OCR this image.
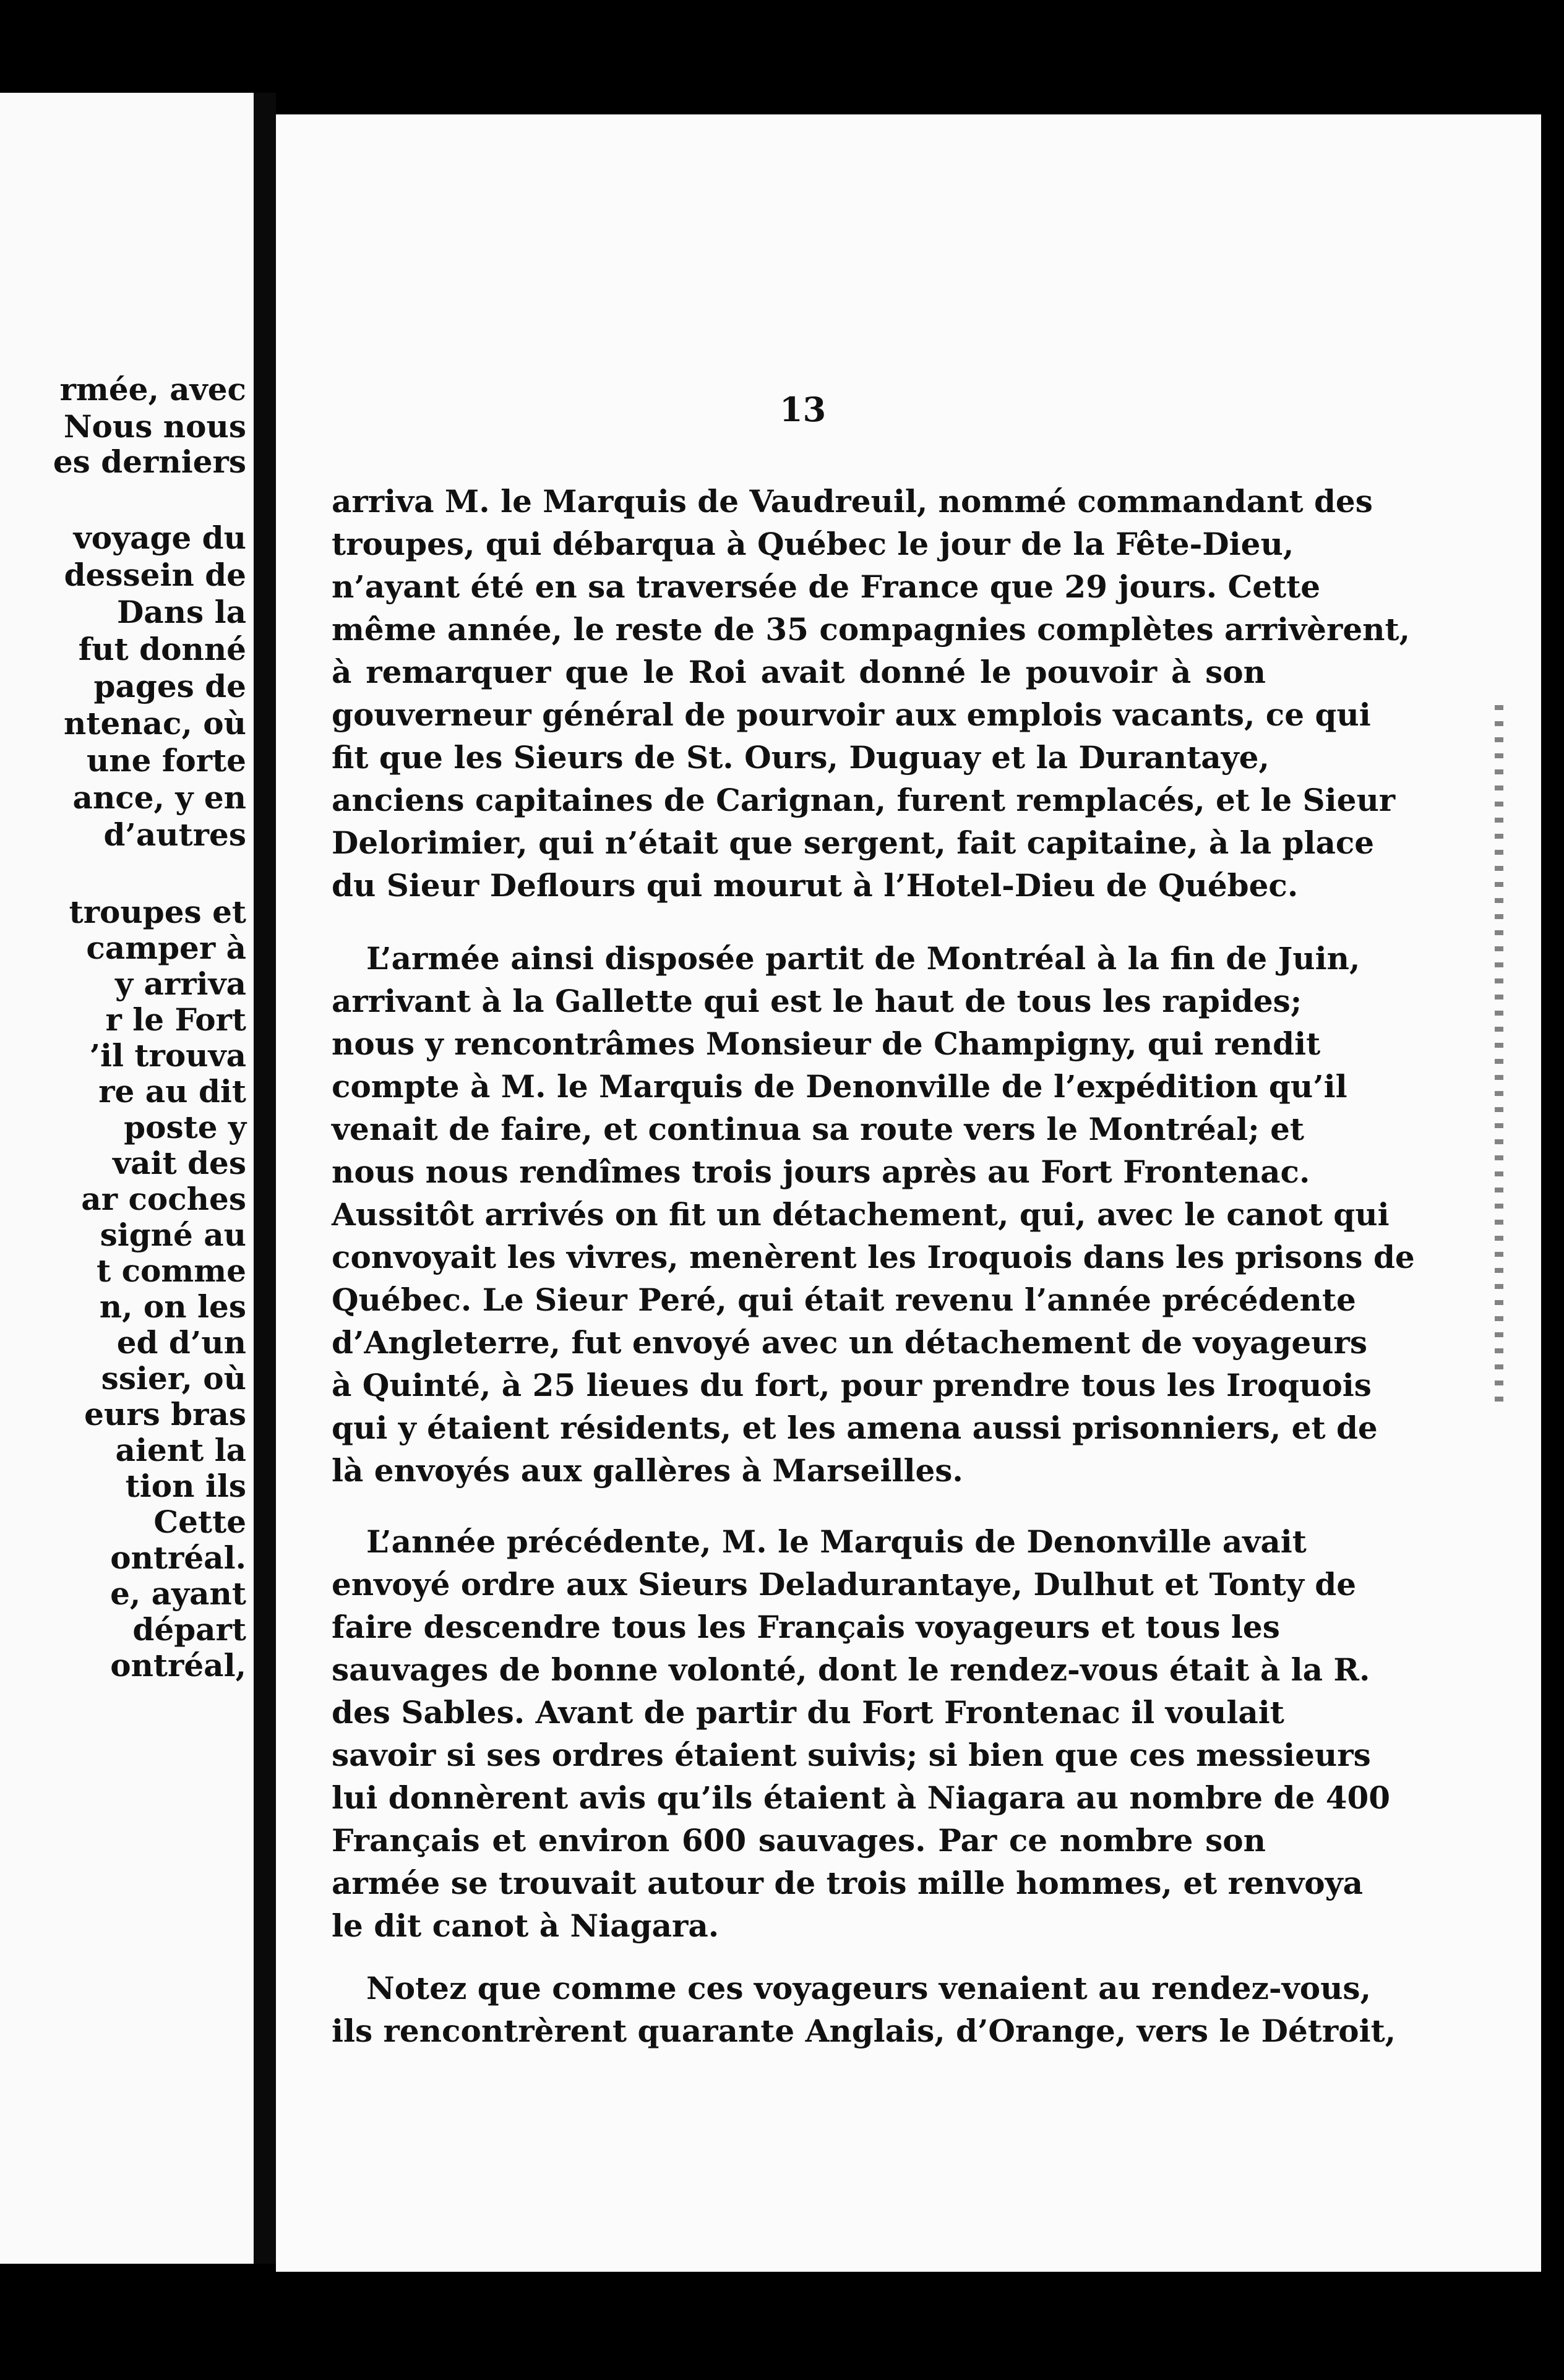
rmée, avec
Nous nous
es derniers
voyage du
dessein de
Dans la
fut donné
pages de
ntenac, où
une forte
ance, y en
d’autres
troupes et
camper à
y arriva
r le Fort
’il trouva
re au dit
poste y
vait des
ar coches
signé au
t comme
n, on les
ed d’un
ssier, où
eurs bras
aient la
tion ils
Cette
ontréal.
e, ayant
départ
ontréal,
13
arriva M. le Marquis de Vaudreuil, nommé commandant des
troupes, qui débarqua à Québec le jour de la Fête-Dieu,
n’ayant été en sa traversée de France que 29 jours. Cette
même année, le reste de 35 compagnies complètes arrivèrent,
à remarquer que le Roi avait donné le pouvoir à son
gouverneur général de pourvoir aux emplois vacants, ce qui
fit que les Sieurs de St. Ours, Duguay et la Durantaye,
anciens capitaines de Carignan, furent remplacés, et le Sieur
Delorimier, qui n’était que sergent, fait capitaine, à la place
du Sieur Deflours qui mourut à l’Hotel-Dieu de Québec.
L’armée ainsi disposée partit de Montréal à la fin de Juin,
arrivant à la Gallette qui est le haut de tous les rapides;
nous y rencontrâmes Monsieur de Champigny, qui rendit
compte à M. le Marquis de Denonville de l’expédition qu’il
venait de faire, et continua sa route vers le Montréal; et
nous nous rendîmes trois jours après au Fort Frontenac.
Aussitôt arrivés on fit un détachement, qui, avec le canot qui
convoyait les vivres, menèrent les Iroquois dans les prisons de
Québec. Le Sieur Peré, qui était revenu l’année précédente
d’Angleterre, fut envoyé avec un détachement de voyageurs
à Quinté, à 25 lieues du fort, pour prendre tous les Iroquois
qui y étaient résidents, et les amena aussi prisonniers, et de
là envoyés aux gallères à Marseilles.
L’année précédente, M. le Marquis de Denonville avait
envoyé ordre aux Sieurs Deladurantaye, Dulhut et Tonty de
faire descendre tous les Français voyageurs et tous les
sauvages de bonne volonté, dont le rendez-vous était à la R.
des Sables. Avant de partir du Fort Frontenac il voulait
savoir si ses ordres étaient suivis; si bien que ces messieurs
lui donnèrent avis qu’ils étaient à Niagara au nombre de 400
Français et environ 600 sauvages. Par ce nombre son
armée se trouvait autour de trois mille hommes, et renvoya
le dit canot à Niagara.
Notez que comme ces voyageurs venaient au rendez-vous,
ils rencontrèrent quarante Anglais, d’Orange, vers le Détroit,
